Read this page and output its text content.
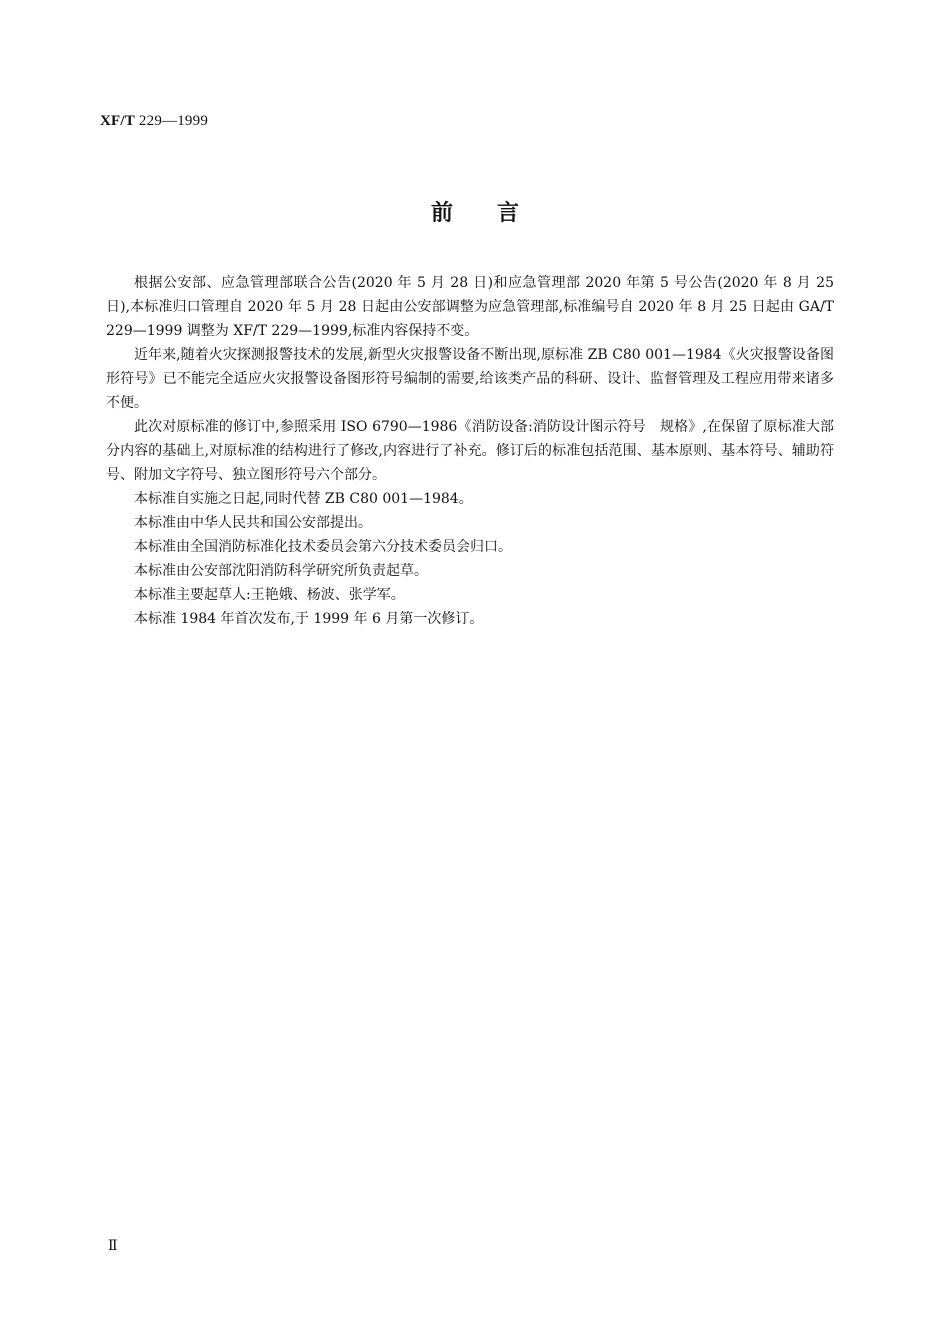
XF/T 229—1999
前言

根据公安部、应急管理部联合公告(2020 年 5 月 28 日)和应急管理部 2020 年第 5 号公告(2020 年 8 月 25 日),本标准归口管理自 2020 年 5 月 28 日起由公安部调整为应急管理部,标准编号自 2020 年 8 月 25 日起由 GA/T 229—1999 调整为 XF/T 229—1999,标准内容保持不变。

近年来,随着火灾探测报警技术的发展,新型火灾报警设备不断出现,原标准 ZB C80 001—1984《火灾报警设备图形符号》已不能完全适应火灾报警设备图形符号编制的需要,给该类产品的科研、设计、监督管理及工程应用带来诸多不便。

此次对原标准的修订中,参照采用 ISO 6790—1986《消防设备:消防设计图示符号　规格》,在保留了原标准大部分内容的基础上,对原标准的结构进行了修改,内容进行了补充。修订后的标准包括范围、基本原则、基本符号、辅助符号、附加文字符号、独立图形符号六个部分。

本标准自实施之日起,同时代替 ZB C80 001—1984。

本标准由中华人民共和国公安部提出。

本标准由全国消防标准化技术委员会第六分技术委员会归口。

本标准由公安部沈阳消防科学研究所负责起草。

本标准主要起草人:王艳娥、杨波、张学军。

本标准 1984 年首次发布,于 1999 年 6 月第一次修订。

Ⅱ
